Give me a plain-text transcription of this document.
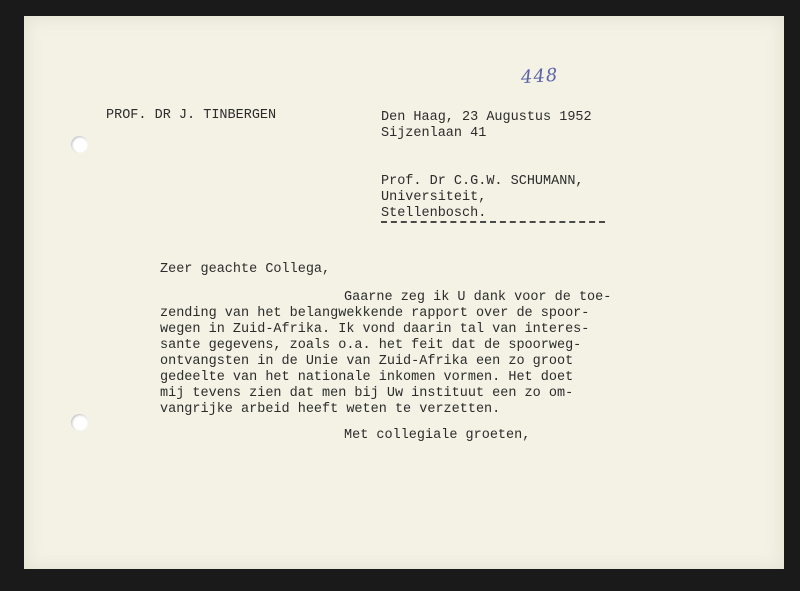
448

PROF. DR J. TINBERGEN	Den Haag, 23 Augustus 1952

Sijzenlaan 41

Prof. Dr C.G.W. SCHUMANN,

Universiteit,

Stellenbosch.

Zeer geachte Collega,

Gaarne zeg ik U dank voor de toe-
zending van het belangwekkende rapport over de spoor-
wegen in Zuid-Afrika. Ik vond daarin tal van interes-
sante gegevens, zoals o.a. het feit dat de spoorweg-
ontvangsten in de Unie van Zuid-Afrika een zo groot
gedeelte van het nationale inkomen vormen. Het doet
mij tevens zien dat men bij Uw instituut een zo om-
vangrijke arbeid heeft weten te verzetten.

Met collegiale groeten,
